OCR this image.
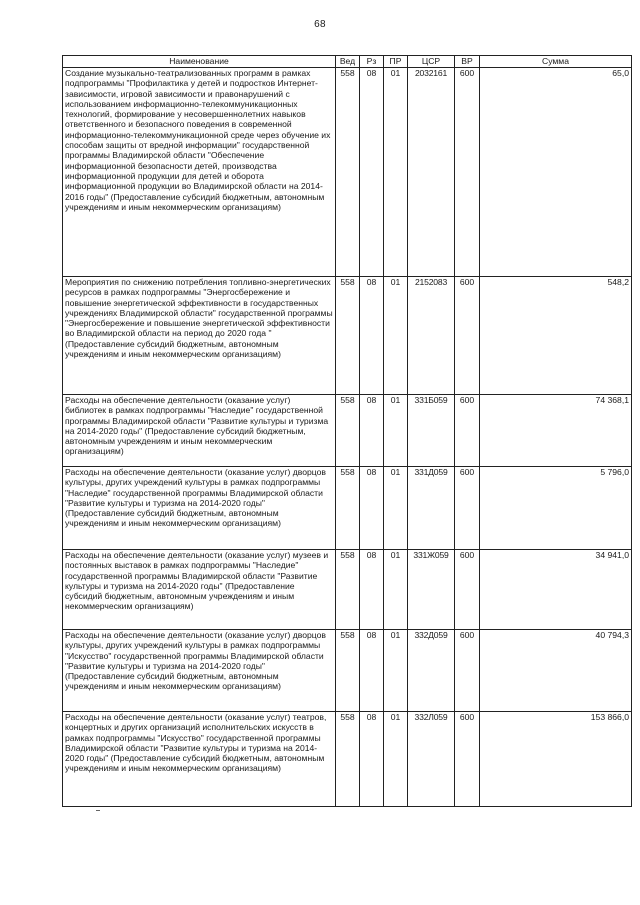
68
Наименование	Вед	Рз	ПР	ЦСР	ВР	Сумма
Создание музыкально-театрализованных программ в рамках подпрограммы "Профилактика у детей и подростков Интернет-зависимости, игровой зависимости и правонарушений с использованием информационно-телекоммуникационных технологий, формирование у несовершеннолетних навыков ответственного и безопасного поведения в современной информационно-телекоммуникационной среде через обучение их способам защиты от вредной информации" государственной программы Владимирской области "Обеспечение информационной безопасности детей, производства информационной продукции для детей и оборота информационной продукции во Владимирской области на 2014-2016 годы" (Предоставление субсидий бюджетным, автономным учреждениям и иным некоммерческим организациям)	558	08	01	2032161	600	65,0
Мероприятия по снижению потребления топливно-энергетических ресурсов в рамках подпрограммы "Энергосбережение и повышение энергетической эффективности в государственных учреждениях Владимирской области" государственной программы "Энергосбережение и повышение энергетической эффективности во Владимирской области на период до 2020 года " (Предоставление субсидий бюджетным, автономным учреждениям и иным некоммерческим организациям)	558	08	01	2152083	600	548,2
Расходы на обеспечение деятельности (оказание услуг) библиотек в рамках подпрограммы "Наследие" государственной программы Владимирской области "Развитие культуры и туризма на 2014-2020 годы" (Предоставление субсидий бюджетным, автономным учреждениям и иным некоммерческим организациям)	558	08	01	331Б059	600	74 368,1
Расходы на обеспечение деятельности (оказание услуг) дворцов культуры, других учреждений культуры в рамках подпрограммы "Наследие" государственной программы Владимирской области "Развитие культуры и туризма на 2014-2020 годы" (Предоставление субсидий бюджетным, автономным учреждениям и иным некоммерческим организациям)	558	08	01	331Д059	600	5 796,0
Расходы на обеспечение деятельности (оказание услуг) музеев и постоянных выставок в рамках подпрограммы "Наследие" государственной программы Владимирской области "Развитие культуры и туризма на 2014-2020 годы" (Предоставление субсидий бюджетным, автономным учреждениям и иным некоммерческим организациям)	558	08	01	331Ж059	600	34 941,0
Расходы на обеспечение деятельности (оказание услуг) дворцов культуры, других учреждений культуры в рамках подпрограммы "Искусство" государственной программы Владимирской области "Развитие культуры и туризма на 2014-2020 годы" (Предоставление субсидий бюджетным, автономным учреждениям и иным некоммерческим организациям)	558	08	01	332Д059	600	40 794,3
Расходы на обеспечение деятельности (оказание услуг) театров, концертных и других организаций исполнительских искусств в рамках подпрограммы "Искусство" государственной программы Владимирской области "Развитие культуры и туризма на 2014-2020 годы" (Предоставление субсидий бюджетным, автономным учреждениям и иным некоммерческим организациям)	558	08	01	332Л059	600	153 866,0
